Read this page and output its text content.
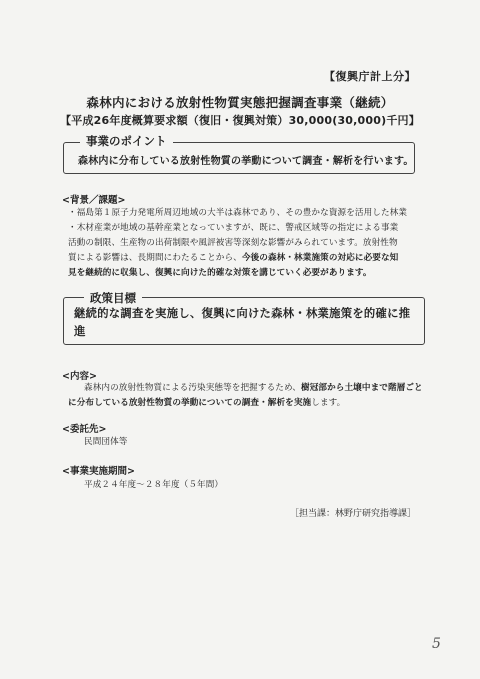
【復興庁計上分】
森林内における放射性物質実態把握調査事業（継続）
【平成26年度概算要求額（復旧・復興対策）30,000(30,000)千円】
事業のポイント
森林内に分布している放射性物質の挙動について調査・解析を行います。
<背景／課題>
・福島第１原子力発電所周辺地域の大半は森林であり、その豊かな資源を活用した林業
・木材産業が地域の基幹産業となっていますが、既に、警戒区域等の指定による事業
活動の制限、生産物の出荷制限や風評被害等深刻な影響がみられています。放射性物
質による影響は、長期間にわたることから、今後の森林・林業施策の対応に必要な知
見を継続的に収集し、復興に向けた的確な対策を講じていく必要があります。
政策目標
継続的な調査を実施し、復興に向けた森林・林業施策を的確に推進
<内容>
森林内の放射性物質による汚染実態等を把握するため、樹冠部から土壌中まで階層ごとに分布している放射性物質の挙動についての調査・解析を実施します。
<委託先>
民間団体等
<事業実施期間>
平成２４年度～２８年度（５年間）
［担当課：林野庁研究指導課］
5
